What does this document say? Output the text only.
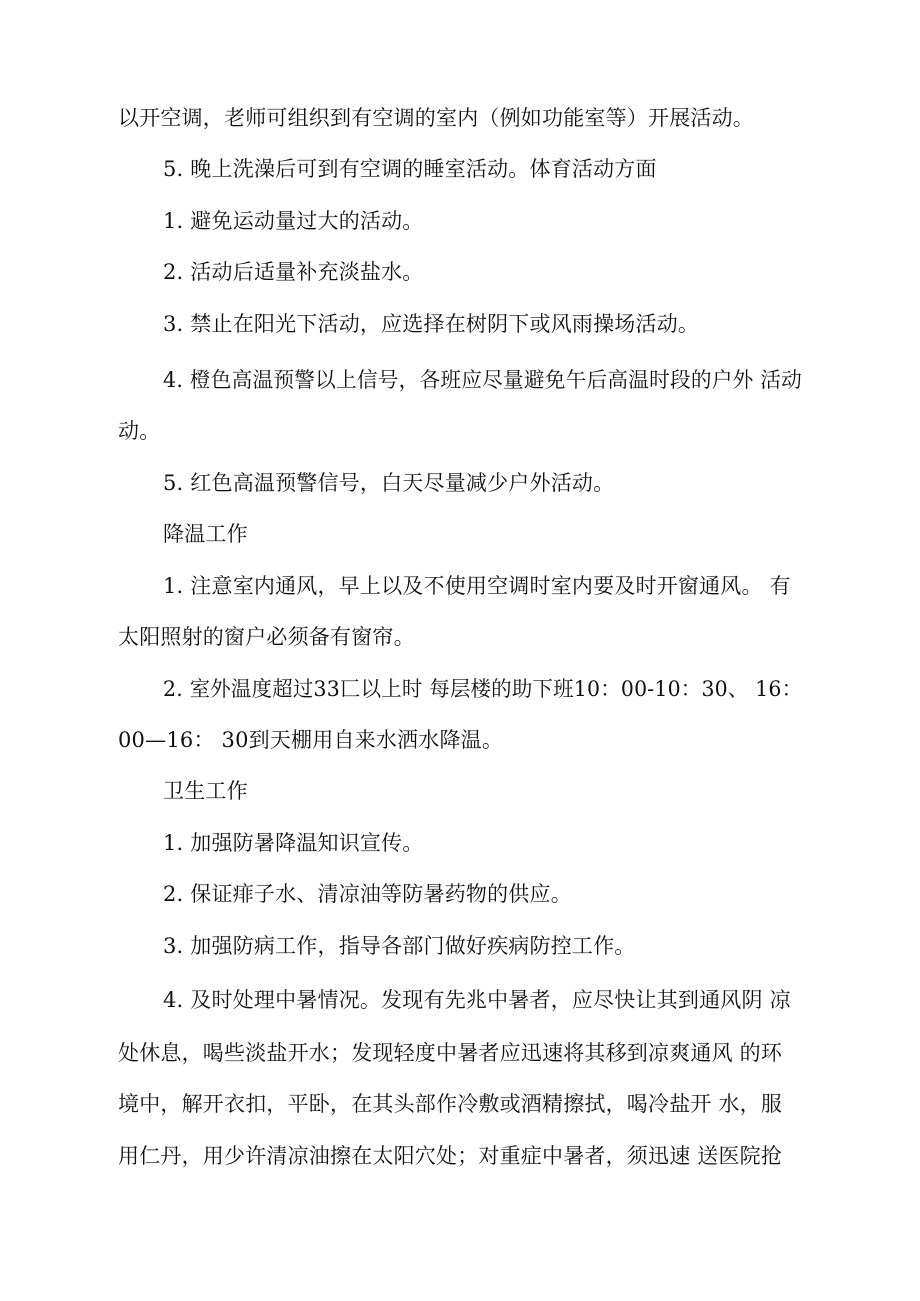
以开空调，老师可组织到有空调的室内（例如功能室等）开展活动。
5. 晚上洗澡后可到有空调的睡室活动。体育活动方面
1. 避免运动量过大的活动。
2. 活动后适量补充淡盐水。
3. 禁止在阳光下活动，应选择在树阴下或风雨操场活动。
4. 橙色高温预警以上信号，各班应尽量避免午后高温时段的户外 活动
动。
5. 红色高温预警信号，白天尽量减少户外活动。
降温工作
1. 注意室内通风，早上以及不使用空调时室内要及时开窗通风。 有
太阳照射的窗户必须备有窗帘。
2. 室外温度超过33匸以上时 每层楼的助下班10：00-10：30、 16：
00—16： 30到天棚用自来水洒水降温。
卫生工作
1. 加强防暑降温知识宣传。
2. 保证痱子水、清凉油等防暑药物的供应。
3. 加强防病工作，指导各部门做好疾病防控工作。
4. 及时处理中暑情况。发现有先兆中暑者，应尽快让其到通风阴 凉
处休息，喝些淡盐开水；发现轻度中暑者应迅速将其移到凉爽通风 的环
境中，解开衣扣，平卧，在其头部作冷敷或酒精擦拭，喝冷盐开 水，服
用仁丹，用少许清凉油擦在太阳穴处；对重症中暑者，须迅速 送医院抢
